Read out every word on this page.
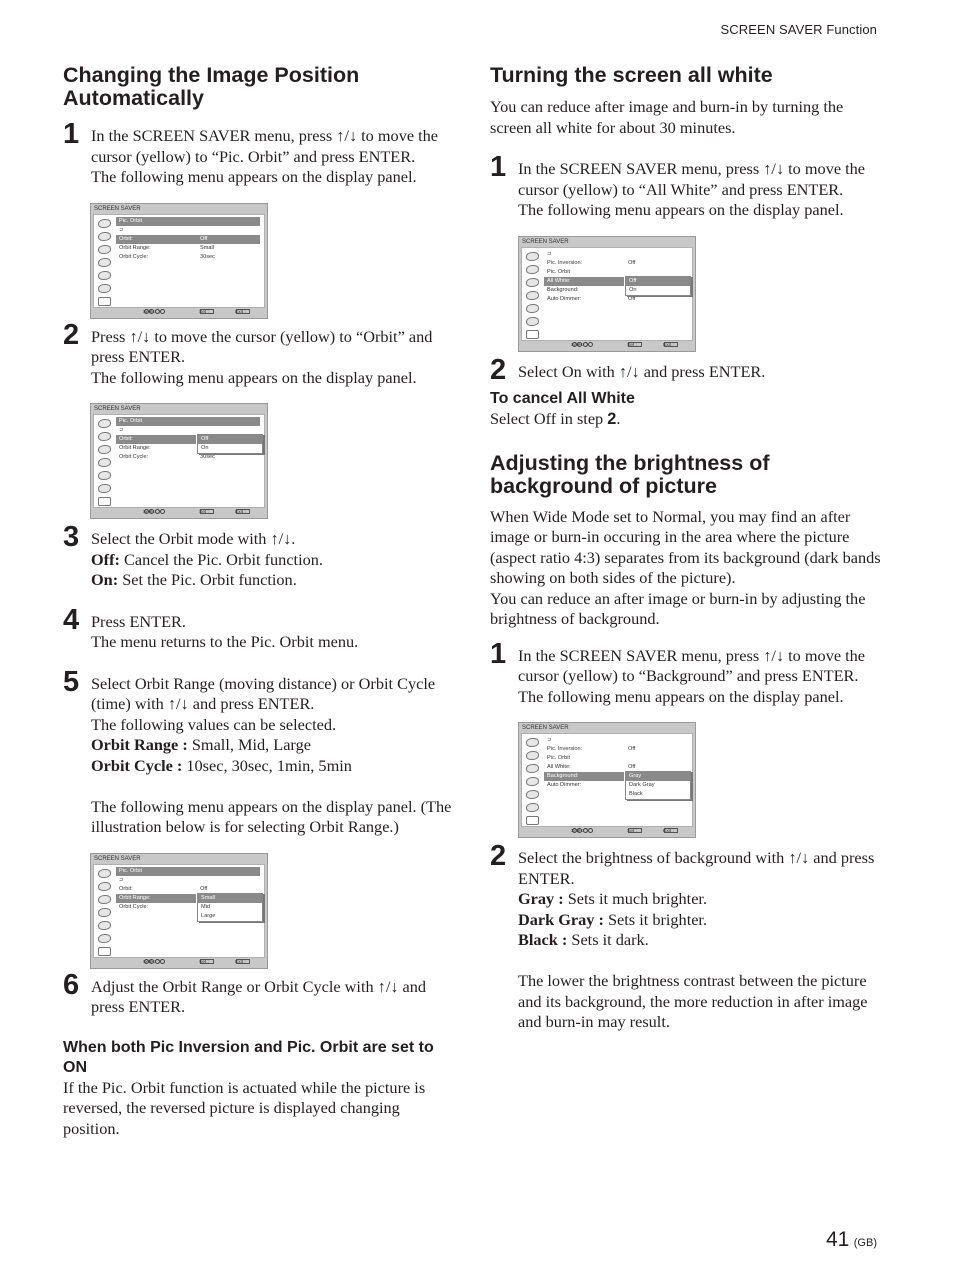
SCREEN SAVER Function
Changing the Image Position Automatically
1 In the SCREEN SAVER menu, press ↑/↓ to move the cursor (yellow) to “Pic. Orbit” and press ENTER.

The following menu appears on the display panel.

SCREEN SAVER
Pic. Orbit
⊃
Orbit:	Off
Orbit Range:	Small
Orbit Cycle:	30sec
Select :	Set :	Exit :
2 Press ↑/↓ to move the cursor (yellow) to “Orbit” and press ENTER.

The following menu appears on the display panel.

SCREEN SAVER
Pic. Orbit
⊃
Orbit:
Orbit Range:
Orbit Cycle:	30sec
Off
On
Select :	Set :	Exit :
3 Select the Orbit mode with ↑/↓.

Off: Cancel the Pic. Orbit function.

On: Set the Pic. Orbit function.

4 Press ENTER.

The menu returns to the Pic. Orbit menu.

5 Select Orbit Range (moving distance) or Orbit Cycle (time) with ↑/↓ and press ENTER.

The following values can be selected.

Orbit Range : Small, Mid, Large

Orbit Cycle : 10sec, 30sec, 1min, 5min

The following menu appears on the display panel. (The illustration below is for selecting Orbit Range.)

SCREEN SAVER
Pic. Orbit
⊃
Orbit:	Off
Orbit Range:
Orbit Cycle:
Small
Mid
Large
Select :	Set :	Exit :
6 Adjust the Orbit Range or Orbit Cycle with ↑/↓ and press ENTER.

When both Pic Inversion and Pic. Orbit are set to ON

If the Pic. Orbit function is actuated while the picture is reversed, the reversed picture is displayed changing position.

Turning the screen all white

You can reduce after image and burn-in by turning the screen all white for about 30 minutes.

1 In the SCREEN SAVER menu, press ↑/↓ to move the cursor (yellow) to “All White” and press ENTER.

The following menu appears on the display panel.

SCREEN SAVER
⊃
Pic. Inversion:	Off
Pic. Orbit
All White:
Background:
Auto Dimmer:	Off
Off
On
Select :	Set :	Exit :
2 Select On with ↑/↓ and press ENTER.

To cancel All White

Select Off in step 2.

Adjusting the brightness of background of picture

When Wide Mode set to Normal, you may find an after image or burn-in occuring in the area where the picture (aspect ratio 4:3) separates from its background (dark bands showing on both sides of the picture).

You can reduce an after image or burn-in by adjusting the brightness of background.

1 In the SCREEN SAVER menu, press ↑/↓ to move the cursor (yellow) to “Background” and press ENTER.

The following menu appears on the display panel.

SCREEN SAVER
⊃
Pic. Inversion:	Off
Pic. Orbit
All White:	Off
Background:
Auto Dimmer:
Gray
Dark Gray
Black
Select :	Set :	Exit :
2 Select the brightness of background with ↑/↓ and press ENTER.

Gray : Sets it much brighter.

Dark Gray : Sets it brighter.

Black : Sets it dark.

The lower the brightness contrast between the picture and its background, the more reduction in after image and burn-in may result.

41 (GB)
